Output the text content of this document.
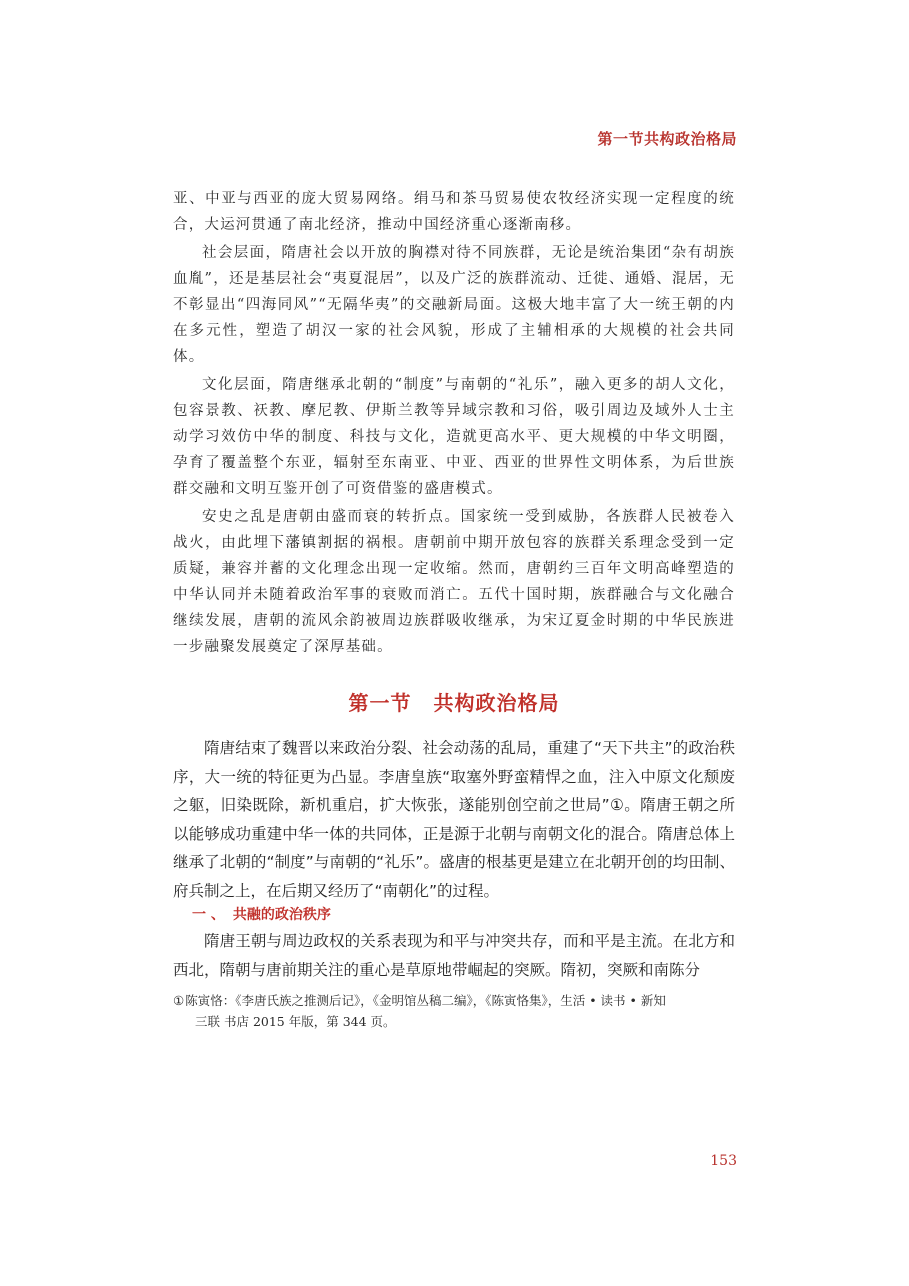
第一节共构政治格局

亚、中亚与西亚的庞大贸易网络。绢马和茶马贸易使农牧经济实现一定程度的统合，大运河贯通了南北经济，推动中国经济重心逐渐南移。

社会层面，隋唐社会以开放的胸襟对待不同族群，无论是统治集团“杂有胡族血胤”，还是基层社会“夷夏混居”，以及广泛的族群流动、迁徙、通婚、混居，无不彰显出“四海同风”“无隔华夷”的交融新局面。这极大地丰富了大一统王朝的内 在多元性，塑造了胡汉一家的社会风貌，形成了主辅相承的大规模的社会共同体。

文化层面，隋唐继承北朝的“制度”与南朝的“礼乐”，融入更多的胡人文化，包容景教、祆教、摩尼教、伊斯兰教等异域宗教和习俗，吸引周边及域外人士主动学习效仿中华的制度、科技与文化，造就更高水平、更大规模的中华文明圈，孕育了覆盖整个东亚，辐射至东南亚、中亚、西亚的世界性文明体系，为后世族群交融和文明互鉴开创了可资借鉴的盛唐模式。

安史之乱是唐朝由盛而衰的转折点。国家统一受到威胁，各族群人民被卷入战火，由此埋下藩镇割据的祸根。唐朝前中期开放包容的族群关系理念受到一定质疑，兼容并蓄的文化理念出现一定收缩。然而，唐朝约三百年文明高峰塑造的中华认同并未随着政治军事的衰败而消亡。五代十国时期，族群融合与文化融合继续发展，唐朝的流风余韵被周边族群吸收继承，为宋辽夏金时期的中华民族进一步融聚发展奠定了深厚基础。

第一节 共构政治格局

隋唐结束了魏晋以来政治分裂、社会动荡的乱局，重建了“天下共主”的政治秩序，大一统的特征更为凸显。李唐皇族“取塞外野蛮精悍之血，注入中原文化颓废之躯，旧染既除，新机重启，扩大恢张，遂能别创空前之世局”①。隋唐王朝之所以能够成功重建中华一体的共同体，正是源于北朝与南朝文化的混合。隋唐总体上继承了北朝的“制度”与南朝的“礼乐”。盛唐的根基更是建立在北朝开创的均田制、府兵制之上，在后期又经历了“南朝化”的过程。

一 、 共融的政治秩序

隋唐王朝与周边政权的关系表现为和平与冲突共存，而和平是主流。在北方和西北，隋朝与唐前期关注的重心是草原地带崛起的突厥。隋初，突厥和南陈分

①陈寅恪：《李唐氏族之推测后记》，《金明馆丛稿二编》，《陈寅恪集》，生活 • 读书 • 新知
三联 书店 2015 年版，第 344 页。
153
